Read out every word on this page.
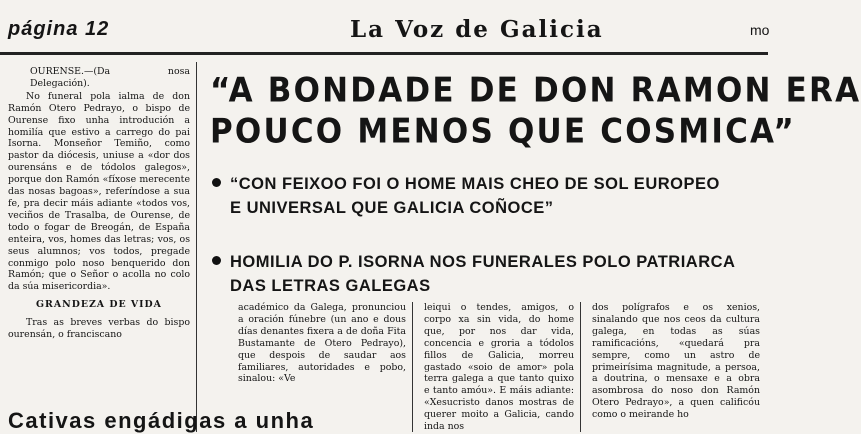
página 12	La Voz de Galicia	mo

OURENSE.—(Da nosa Delegación).

No funeral pola ialma de don Ramón Otero Pedrayo, o bispo de Ourense fixo unha introdución a homilía que estivo a carrego do pai Isorna. Monseñor Temiño, como pastor da diócesis, uniuse a «dor dos ourensáns e de tódolos galegos», porque don Ramón «fíxose merecente das nosas bagoas», referíndose a sua fe, pra decir máis adiante «todos vos, veciños de Trasalba, de Ourense, de todo o fogar de Breogán, de España enteira, vos, homes das letras; vos, os seus alumnos; vos todos, pregade conmigo polo noso benquerido don Ramón; que o Señor o acolla no colo da súa misericordia».

GRANDEZA DE VIDA

Tras as breves verbas do bispo ourensán, o franciscano

“A BONDADE DE DON RAMON ERA
POUCO MENOS QUE COSMICA”
“CON FEIXOO FOI O HOME MAIS CHEO DE SOL EUROPEO
E UNIVERSAL QUE GALICIA COÑOCE”
HOMILIA DO P. ISORNA NOS FUNERALES POLO PATRIARCA
DAS LETRAS GALEGAS
académico da Galega, pronunciou a oración fúnebre (un ano e dous días denantes fixera a de doña Fita Bustamante de Otero Pedrayo), que despois de saudar aos familiares, autoridades e pobo, sinalou: «Ve
leiqui o tendes, amigos, o corpo xa sin vida, do home que, por nos dar vida, concencia e groria a tódolos fillos de Galicia, morreu gastado «soio de amor» pola terra galega a que tanto quixo e tanto amóu». E máis adiante: «Xesucristo danos mostras de querer moito a Galicia, cando inda nos
dos polígrafos e os xenios, sinalando que nos ceos da cultura galega, en todas as súas ramificacións, «quedará pra sempre, como un astro de primeirísima magnitude, a persoa, a doutrina, o mensaxe e a obra asombrosa do noso don Ramón Otero Pedrayo», a quen calificóu como o meirande ho
Cativas engádigas a unha
